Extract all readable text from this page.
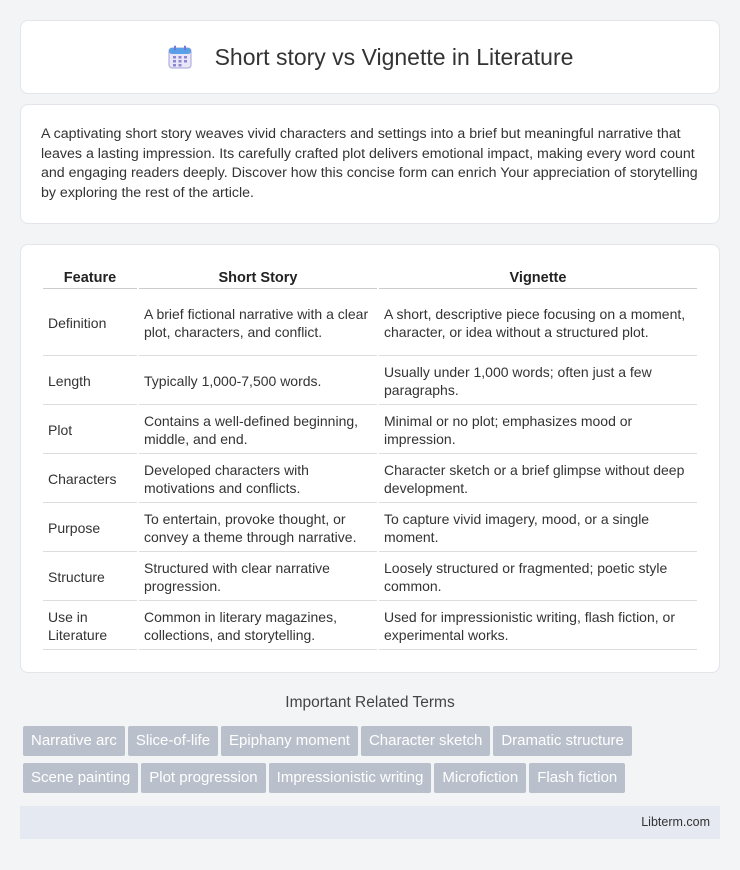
Short story vs Vignette in Literature

A captivating short story weaves vivid characters and settings into a brief but meaningful narrative that leaves a lasting impression. Its carefully crafted plot delivers emotional impact, making every word count and engaging readers deeply. Discover how this concise form can enrich Your appreciation of storytelling by exploring the rest of the article.

Feature	Short Story	Vignette
Definition	A brief fictional narrative with a clear plot, characters, and conflict.	A short, descriptive piece focusing on a moment, character, or idea without a structured plot.
Length	Typically 1,000-7,500 words.	Usually under 1,000 words; often just a few paragraphs.
Plot	Contains a well-defined beginning, middle, and end.	Minimal or no plot; emphasizes mood or impression.
Characters	Developed characters with motivations and conflicts.	Character sketch or a brief glimpse without deep development.
Purpose	To entertain, provoke thought, or convey a theme through narrative.	To capture vivid imagery, mood, or a single moment.
Structure	Structured with clear narrative progression.	Loosely structured or fragmented; poetic style common.
Use in Literature	Common in literary magazines, collections, and storytelling.	Used for impressionistic writing, flash fiction, or experimental works.
Important Related Terms
Narrative arc Slice-of-life Epiphany moment Character sketch Dramatic structure
Scene painting Plot progression Impressionistic writing Microfiction Flash fiction
Libterm.com
